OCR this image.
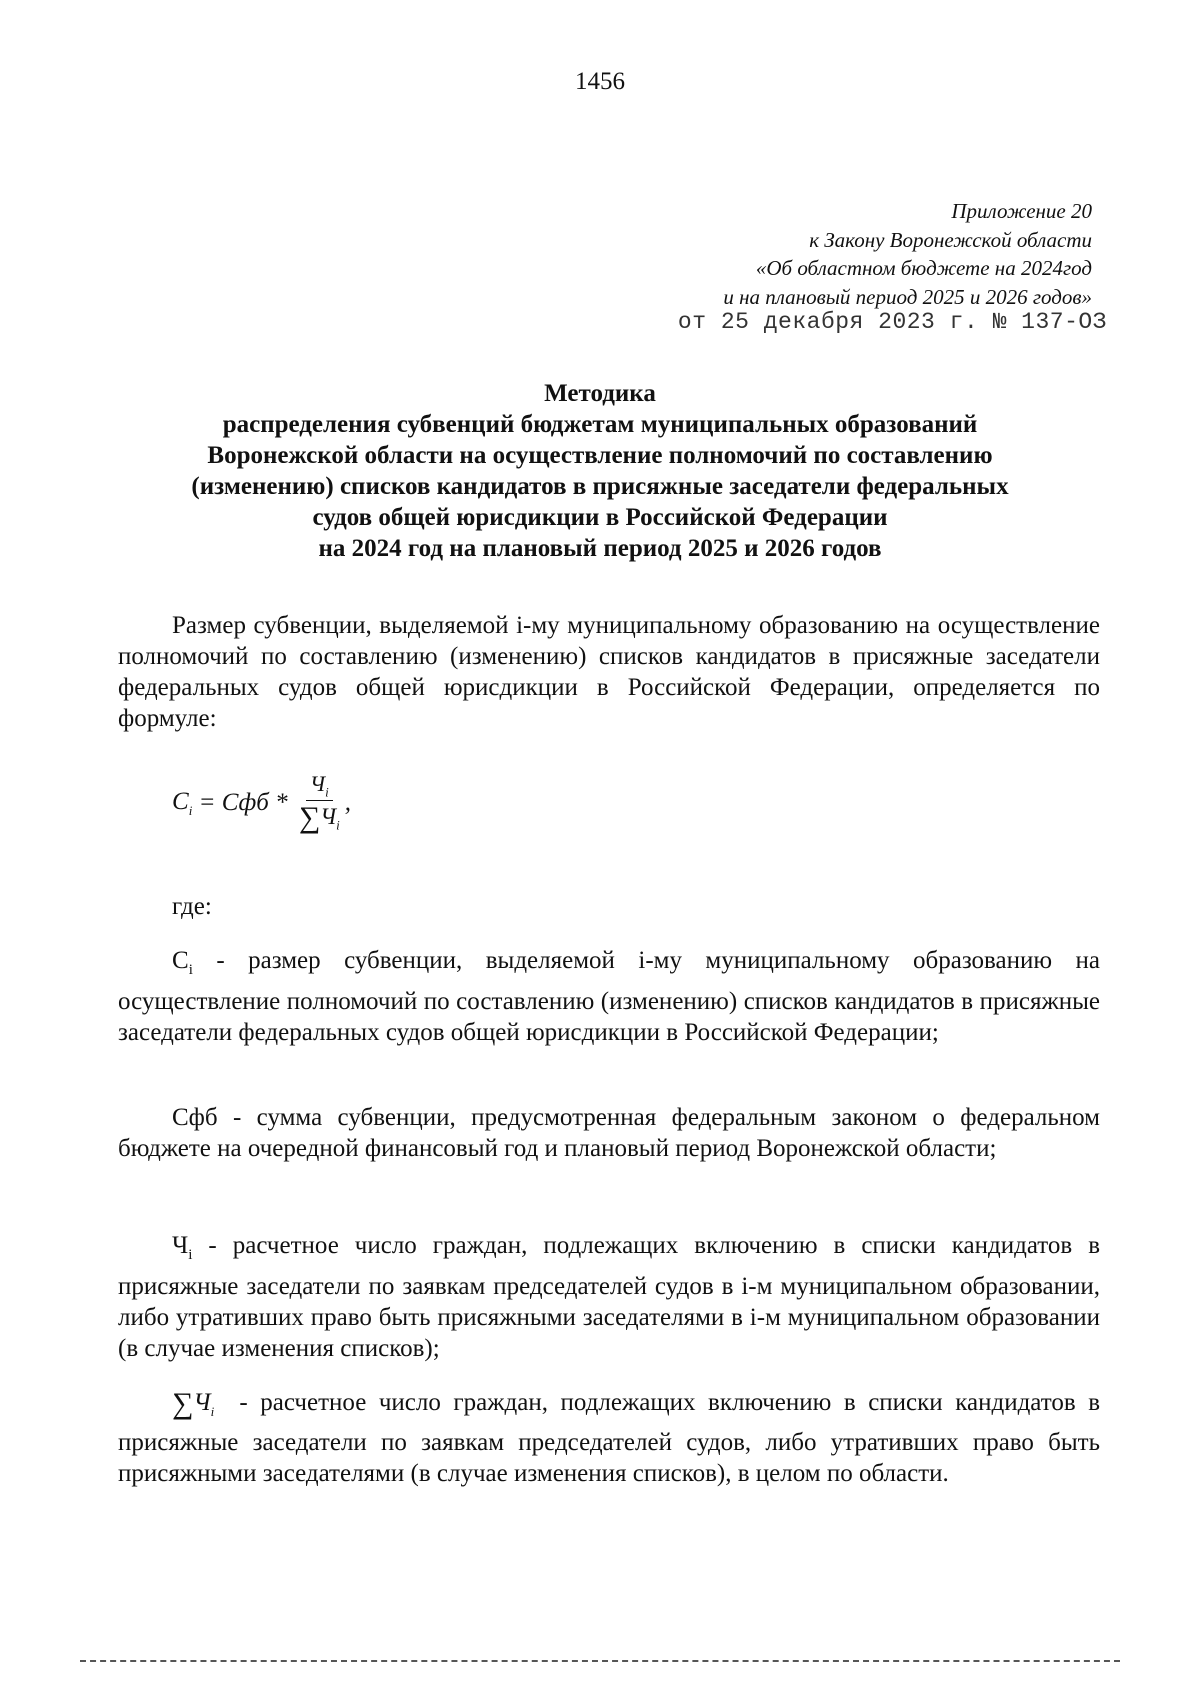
1456
Приложение 20
к Закону Воронежской области
«Об областном бюджете на 2024год
и на плановый период 2025 и 2026 годов»
от 25 декабря 2023 г. № 137-ОЗ
Методика
распределения субвенций бюджетам муниципальных образований
Воронежской области на осуществление полномочий по составлению
(изменению) списков кандидатов в присяжные заседатели федеральных
судов общей юрисдикции в Российской Федерации
на 2024 год на плановый период 2025 и 2026 годов
Размер субвенции, выделяемой i-му муниципальному образованию на осуществление полномочий по составлению (изменению) списков кандидатов в присяжные заседатели федеральных судов общей юрисдикции в Российской Федерации, определяется по формуле:
$C_i$ = Сфб * $\frac{Ч_i}{\sum Ч_i}$ ,
где:
$C_i$ - размер субвенции, выделяемой i-му муниципальному образованию на осуществление полномочий по составлению (изменению) списков кандидатов в присяжные заседатели федеральных судов общей юрисдикции в Российской Федерации;
Сфб - сумма субвенции, предусмотренная федеральным законом о федеральном бюджете на очередной финансовый год и плановый период Воронежской области;
$Ч_i$ - расчетное число граждан, подлежащих включению в списки кандидатов в присяжные заседатели по заявкам председателей судов в i-м муниципальном образовании, либо утративших право быть присяжными заседателями в i-м муниципальном образовании (в случае изменения списков);
$\sum Ч_i$  - расчетное число граждан, подлежащих включению в списки кандидатов в присяжные заседатели по заявкам председателей судов, либо утративших право быть присяжными заседателями (в случае изменения списков), в целом по области.
